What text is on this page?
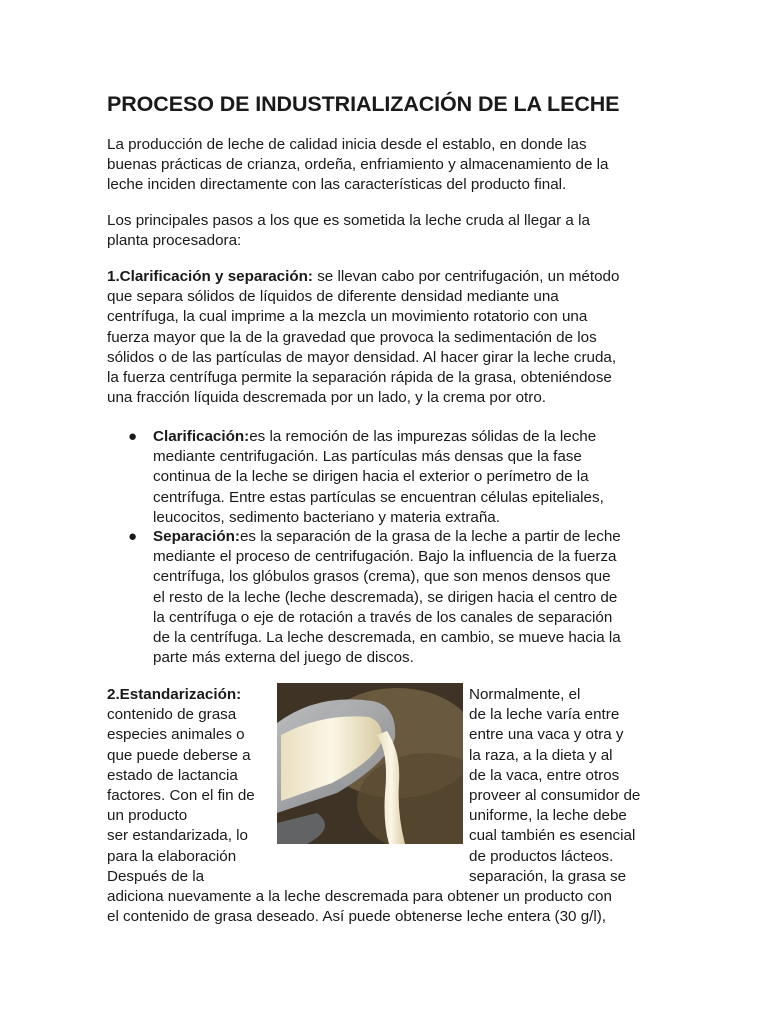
PROCESO DE INDUSTRIALIZACIÓN DE LA LECHE

La producción de leche de calidad inicia desde el establo, en donde las
buenas prácticas de crianza, ordeña, enfriamiento y almacenamiento de la
leche inciden directamente con las características del producto final.

Los principales pasos a los que es sometida la leche cruda al llegar a la
planta procesadora:

1.Clarificación y separación: se llevan cabo por centrifugación, un método
que separa sólidos de líquidos de diferente densidad mediante una
centrífuga, la cual imprime a la mezcla un movimiento rotatorio con una
fuerza mayor que la de la gravedad que provoca la sedimentación de los
sólidos o de las partículas de mayor densidad. Al hacer girar la leche cruda,
la fuerza centrífuga permite la separación rápida de la grasa, obteniéndose
una fracción líquida descremada por un lado, y la crema por otro.

● Clarificación:es la remoción de las impurezas sólidas de la leche
mediante centrifugación. Las partículas más densas que la fase
continua de la leche se dirigen hacia el exterior o perímetro de la
centrífuga. Entre estas partículas se encuentran células epiteliales,
leucocitos, sedimento bacteriano y materia extraña.

● Separación:es la separación de la grasa de la leche a partir de leche
mediante el proceso de centrifugación. Bajo la influencia de la fuerza
centrífuga, los glóbulos grasos (crema), que son menos densos que
el resto de la leche (leche descremada), se dirigen hacia el centro de
la centrífuga o eje de rotación a través de los canales de separación
de la centrífuga. La leche descremada, en cambio, se mueve hacia la
parte más externa del juego de discos.

2.Estandarización:
contenido de grasa
especies animales o
que puede deberse a
estado de lactancia
factores. Con el fin de
un producto
ser estandarizada, lo
para la elaboración
Después de la

Normalmente, el
de la leche varía entre
entre una vaca y otra y
la raza, a la dieta y al
de la vaca, entre otros
proveer al consumidor de
uniforme, la leche debe
cual también es esencial
de productos lácteos.
separación, la grasa se

adiciona nuevamente a la leche descremada para obtener un producto con
el contenido de grasa deseado. Así puede obtenerse leche entera (30 g/l),
